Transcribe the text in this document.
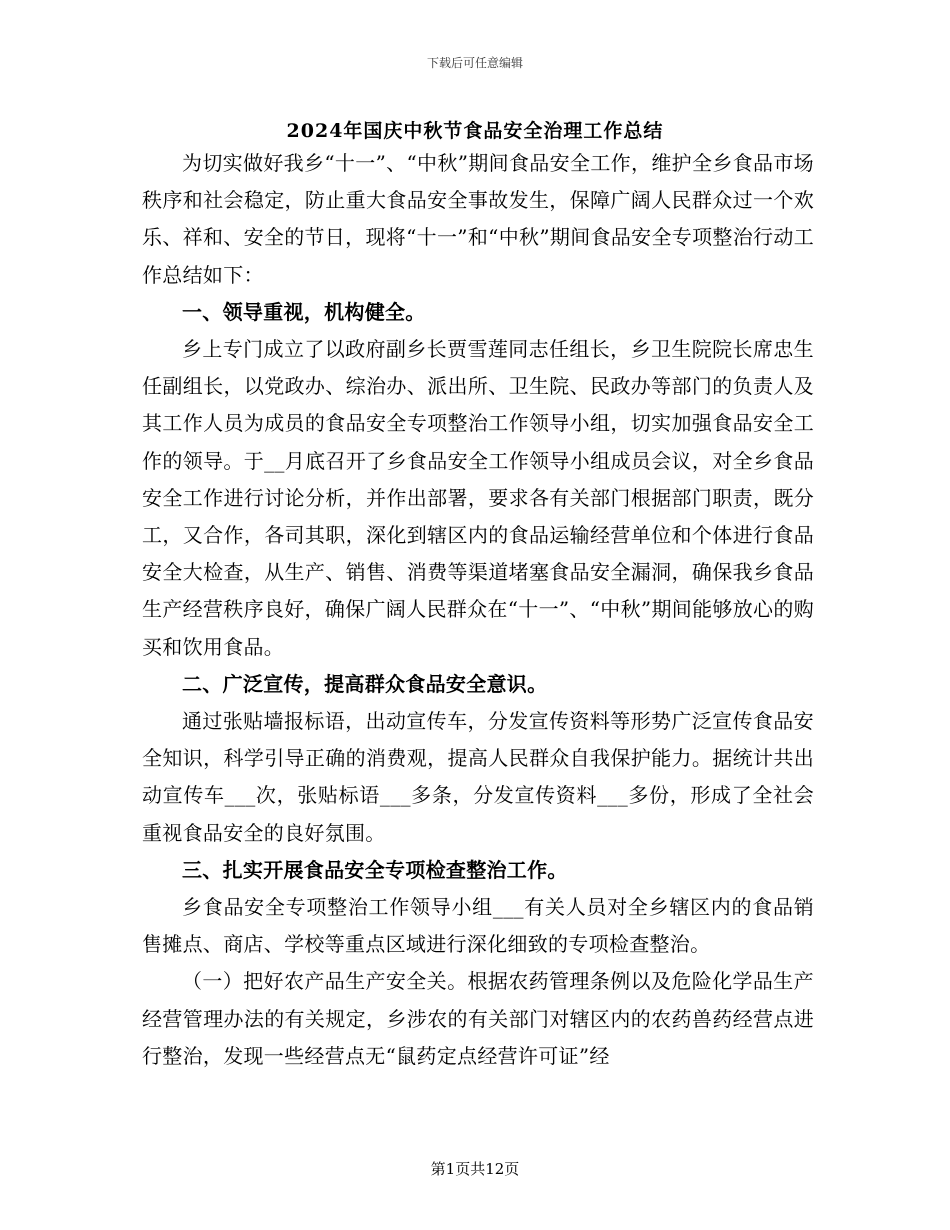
下载后可任意编辑
2024年国庆中秋节食品安全治理工作总结

为切实做好我乡“十一”、“中秋”期间食品安全工作，维护全乡食品市场秩序和社会稳定，防止重大食品安全事故发生，保障广阔人民群众过一个欢乐、祥和、安全的节日，现将“十一”和“中秋”期间食品安全专项整治行动工作总结如下：

一、领导重视，机构健全。

乡上专门成立了以政府副乡长贾雪莲同志任组长，乡卫生院院长席忠生任副组长，以党政办、综治办、派出所、卫生院、民政办等部门的负责人及其工作人员为成员的食品安全专项整治工作领导小组，切实加强食品安全工作的领导。于__月底召开了乡食品安全工作领导小组成员会议，对全乡食品安全工作进行讨论分析，并作出部署，要求各有关部门根据部门职责，既分工，又合作，各司其职，深化到辖区内的食品运输经营单位和个体进行食品安全大检查，从生产、销售、消费等渠道堵塞食品安全漏洞，确保我乡食品生产经营秩序良好，确保广阔人民群众在“十一”、“中秋”期间能够放心的购买和饮用食品。

二、广泛宣传，提高群众食品安全意识。

通过张贴墙报标语，出动宣传车，分发宣传资料等形势广泛宣传食品安全知识，科学引导正确的消费观，提高人民群众自我保护能力。据统计共出动宣传车___次，张贴标语___多条，分发宣传资料___多份，形成了全社会重视食品安全的良好氛围。

三、扎实开展食品安全专项检查整治工作。

乡食品安全专项整治工作领导小组___有关人员对全乡辖区内的食品销售摊点、商店、学校等重点区域进行深化细致的专项检查整治。

（一）把好农产品生产安全关。根据农药管理条例以及危险化学品生产经营管理办法的有关规定，乡涉农的有关部门对辖区内的农药兽药经营点进行整治，发现一些经营点无“鼠药定点经营许可证”经

第1页共12页
